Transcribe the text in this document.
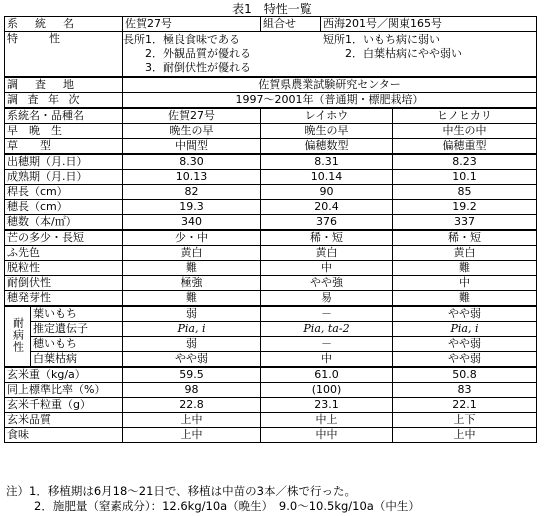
表1　特性一覧
系　統　名		佐賀27号	組合せ	西海201号／関東165号	
特　　性		長所1．極良食味である
2．外観品質が優れる
3．耐倒伏性が優れる
短所1．いもち病に弱い
2．白葉枯病にやや弱い			

調　査　地		佐賀県農業試験研究センター			
調 査 年 次		1997～2001年（普通期・標肥栽培）			
系統名・品種名		佐賀27号	レイホウ		ヒノヒカリ
早　晩　生		晩生の早	晩生の早		中生の中
草　　型		中間型	偏穂数型		偏穂重型
出穂期（月.日）		8.30	8.31		8.23
成熟期（月.日）		10.13	10.14		10.1
稈長（cm）		82	90		85
穂長（cm）		19.3	20.4		19.2
穂数（本/㎡）		340	376		337
芒の多少・長短		少・中	稀・短		稀・短
ふ先色		黄白	黄白		黄白
脱粒性		難	中		難
耐倒伏性		極強	やや強		中
穂発芽性		難	易		難
耐病性	葉いもち	弱	－		やや弱
	推定遺伝子	Pia, i	Pia, ta-2		Pia, i
	穂いもち	弱	－		やや弱
	白葉枯病	やや弱	中		やや弱
玄米重（kg/a）		59.5	61.0		50.8
同上標準比率（%）		98	(100)		83
玄米千粒重（g）		22.8	23.1		22.1
玄米品質		上中	中上		上下
食味		上中	中中		上中
注）1．移植期は6月18～21日で、移植は中苗の3本／株で行った。
2．施肥量（窒素成分）：12.6kg/10a（晩生）　9.0～10.5kg/10a（中生）
